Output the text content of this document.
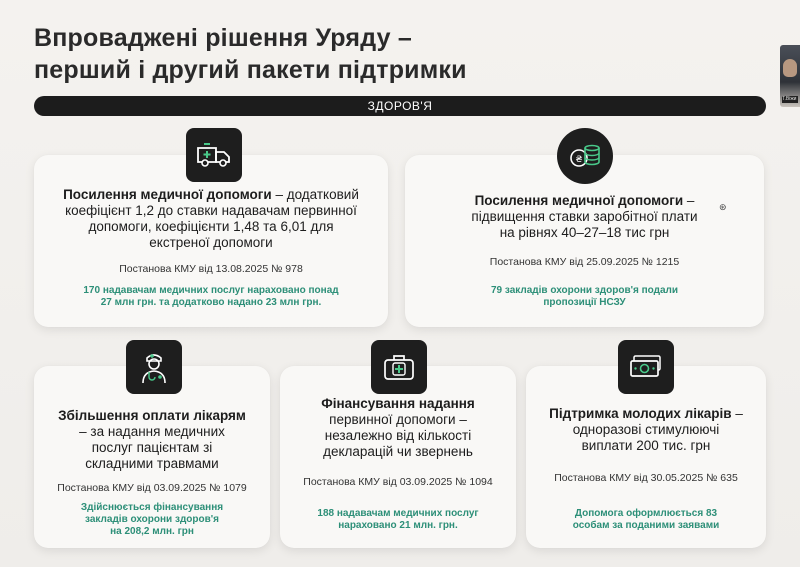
Впроваджені рішення Уряду –
перший і другий пакети підтримки
Т.Віжи
ЗДОРОВ'Я
Посилення медичної допомоги – додатковий
коефіцієнт 1,2 до ставки надавачам первинної
допомоги, коефіцієнти 1,48 та 6,01 для
екстреної допомоги
Постанова КМУ від 13.08.2025 № 978
170 надавачам медичних послуг нараховано понад
27 млн грн. та додатково надано 23 млн грн.
Посилення медичної допомоги –
підвищення ставки заробітної плати
на рівнях 40–27–18 тис грн
Постанова КМУ від 25.09.2025 № 1215
79 закладів охорони здоров'я подали
пропозиції НСЗУ
₴
⊛
Збільшення оплати лікарям
– за надання медичних
послуг пацієнтам зі
складними травмами
Постанова КМУ від 03.09.2025 № 1079
Здійснюється фінансування
закладів охорони здоров'я
на 208,2 млн. грн
Фінансування надання
первинної допомоги –
незалежно від кількості
декларацій чи звернень
Постанова КМУ від 03.09.2025 № 1094
188 надавачам медичних послуг
нараховано 21 млн. грн.
Підтримка молодих лікарів –
одноразові стимулюючі
виплати 200 тис. грн
Постанова КМУ від 30.05.2025 № 635
Допомога оформлюється 83
особам за поданими заявами
